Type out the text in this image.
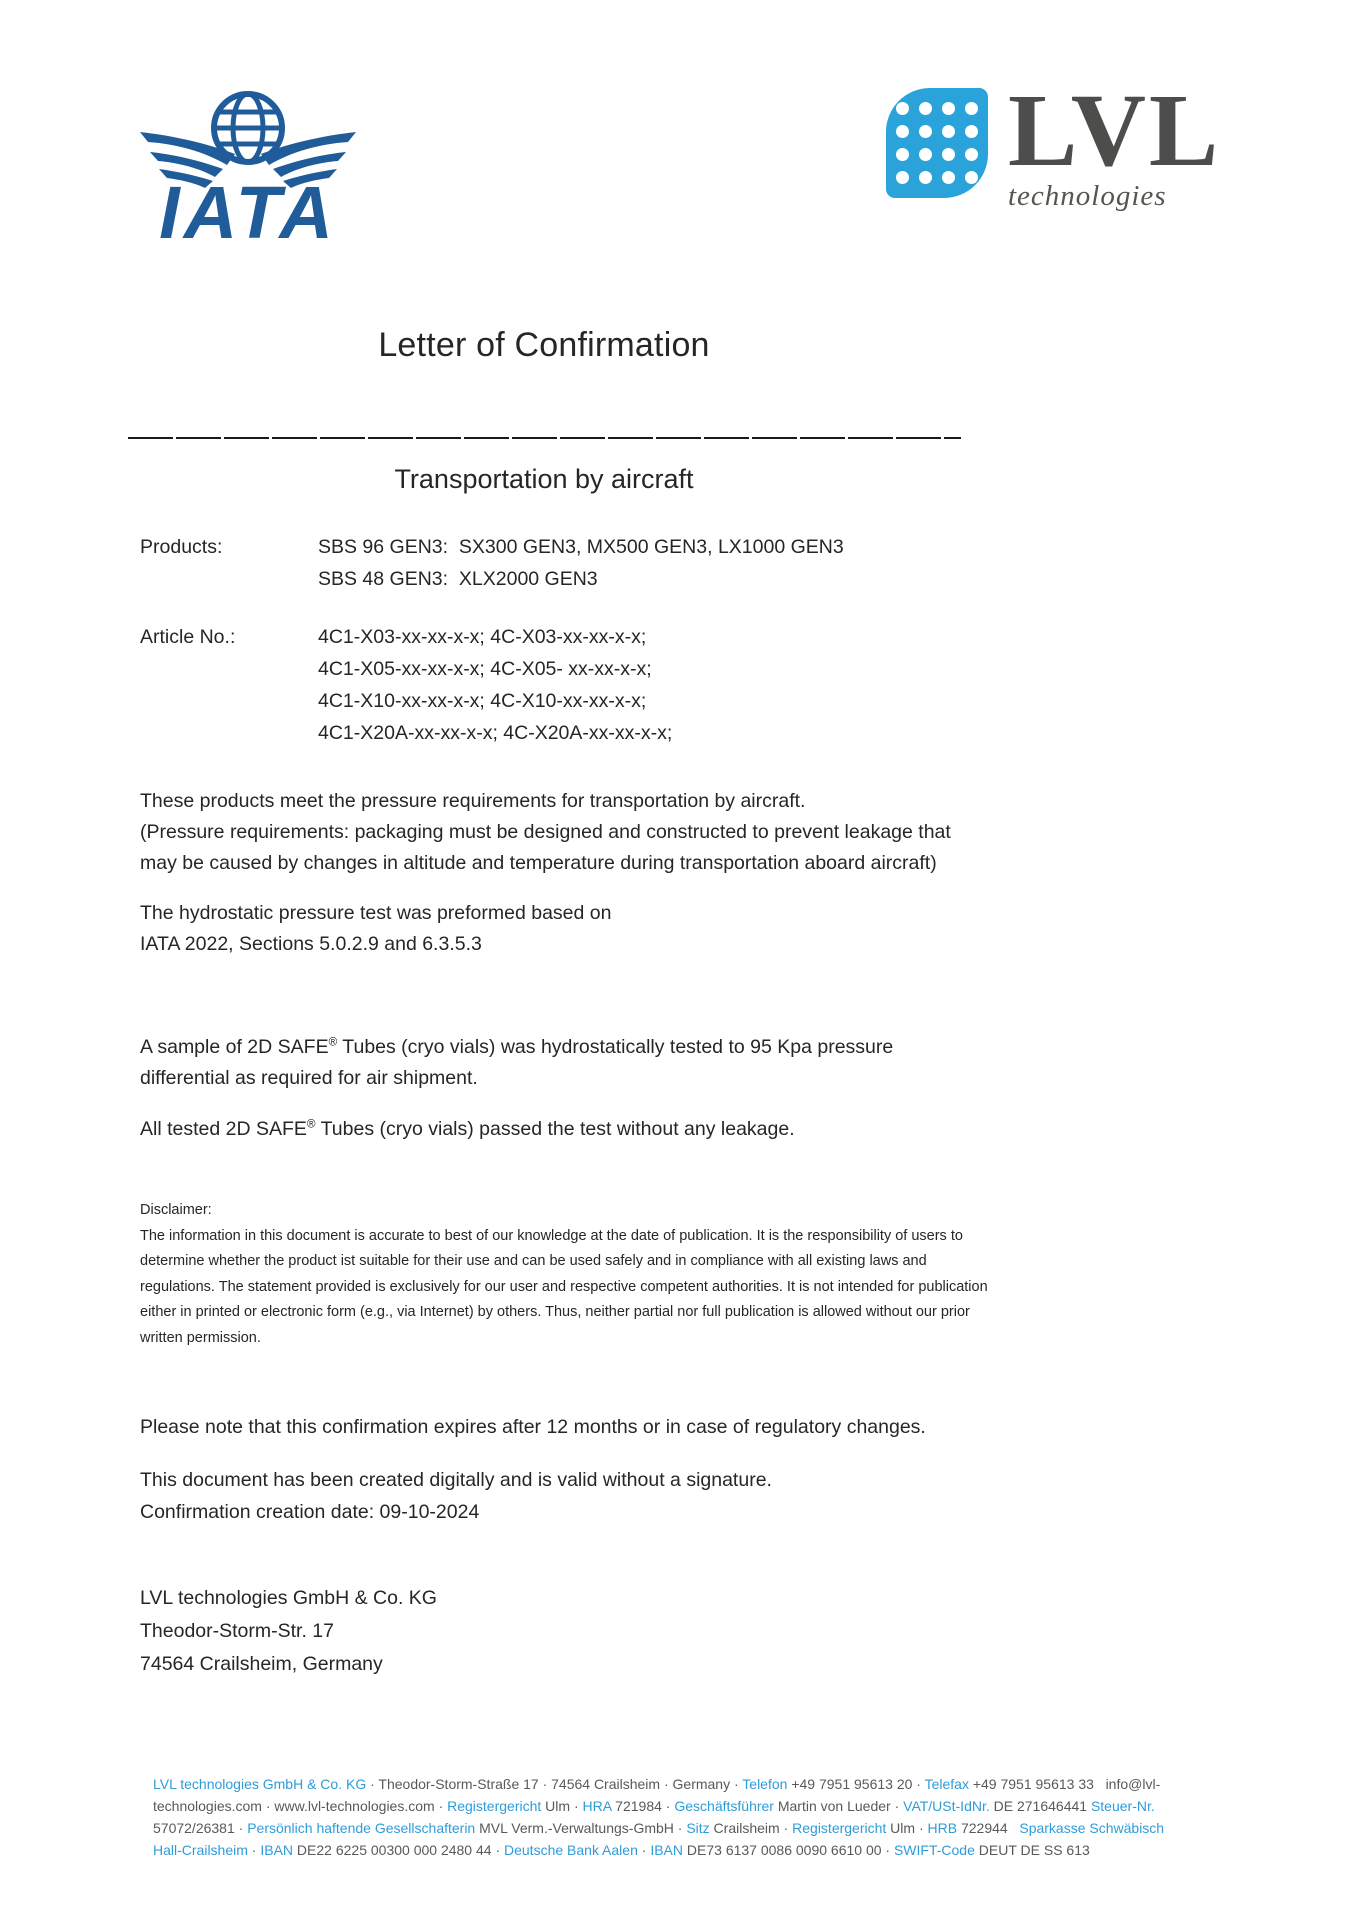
IATA
LVL
technologies
Letter of Confirmation
Transportation by aircraft
Products:	SBS 96 GEN3:  SX300 GEN3, MX500 GEN3, LX1000 GEN3
SBS 48 GEN3:  XLX2000 GEN3
Article No.:	4C1-X03-xx-xx-x-x; 4C-X03-xx-xx-x-x;
4C1-X05-xx-xx-x-x; 4C-X05- xx-xx-x-x;
4C1-X10-xx-xx-x-x; 4C-X10-xx-xx-x-x;
4C1-X20A-xx-xx-x-x; 4C-X20A-xx-xx-x-x;
These products meet the pressure requirements for transportation by aircraft.
(Pressure requirements: packaging must be designed and constructed to prevent leakage that may be caused by changes in altitude and temperature during transportation aboard aircraft)
The hydrostatic pressure test was preformed based on
IATA 2022, Sections 5.0.2.9 and 6.3.5.3
A sample of 2D SAFE® Tubes (cryo vials) was hydrostatically tested to 95 Kpa pressure differential as required for air shipment.
All tested 2D SAFE® Tubes (cryo vials) passed the test without any leakage.
Disclaimer:
The information in this document is accurate to best of our knowledge at the date of publication. It is the responsibility of users to determine whether the product ist suitable for their use and can be used safely and in compliance with all existing laws and regulations. The statement provided is exclusively for our user and respective competent authorities. It is not intended for publication either in printed or electronic form (e.g., via Internet) by others. Thus, neither partial nor full publication is allowed without our prior written permission.
Please note that this confirmation expires after 12 months or in case of regulatory changes.
This document has been created digitally and is valid without a signature.
Confirmation creation date: 09-10-2024
LVL technologies GmbH & Co. KG
Theodor-Storm-Str. 17
74564 Crailsheim, Germany
LVL technologies GmbH & Co. KG · Theodor-Storm-Straße 17 · 74564 Crailsheim · Germany · Telefon +49 7951 95613 20 · Telefax +49 7951 95613 33   info@lvl-
technologies.com · www.lvl-technologies.com · Registergericht Ulm · HRA 721984 · Geschäftsführer Martin von Lueder · VAT/USt-IdNr. DE 271646441 Steuer-Nr.
57072/26381 · Persönlich haftende Gesellschafterin MVL Verm.-Verwaltungs-GmbH · Sitz Crailsheim · Registergericht Ulm · HRB 722944   Sparkasse Schwäbisch
Hall-Crailsheim · IBAN DE22 6225 00300 000 2480 44 · Deutsche Bank Aalen · IBAN DE73 6137 0086 0090 6610 00 · SWIFT-Code DEUT DE SS 613
